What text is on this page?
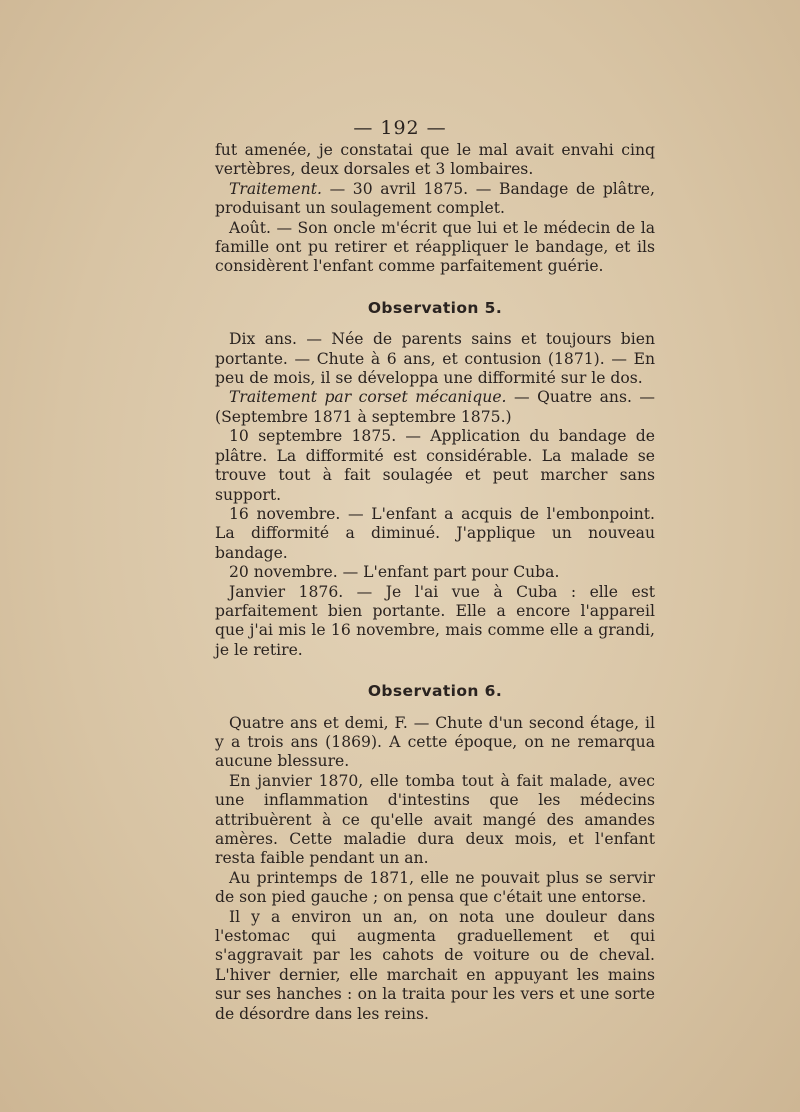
— 192 —

fut amenée, je constatai que le mal avait envahi cinq vertèbres, deux dorsales et 3 lombaires.

Traitement. — 30 avril 1875. — Bandage de plâtre, produisant un soulagement complet.

Août. — Son oncle m'écrit que lui et le médecin de la famille ont pu retirer et réappliquer le bandage, et ils considèrent l'enfant comme parfaitement guérie.

Observation 5.

Dix ans. — Née de parents sains et toujours bien portante. — Chute à 6 ans, et contusion (1871). — En peu de mois, il se développa une difformité sur le dos.

Traitement par corset mécanique. — Quatre ans. — (Septembre 1871 à septembre 1875.)

10 septembre 1875. — Application du bandage de plâtre. La difformité est considérable. La malade se trouve tout à fait soulagée et peut marcher sans support.

16 novembre. — L'enfant a acquis de l'embonpoint. La difformité a diminué. J'applique un nouveau bandage.

20 novembre. — L'enfant part pour Cuba.

Janvier 1876. — Je l'ai vue à Cuba : elle est parfaitement bien portante. Elle a encore l'appareil que j'ai mis le 16 novembre, mais comme elle a grandi, je le retire.

Observation 6.

Quatre ans et demi, F. — Chute d'un second étage, il y a trois ans (1869). A cette époque, on ne remarqua aucune blessure.

En janvier 1870, elle tomba tout à fait malade, avec une inflammation d'intestins que les médecins attribuèrent à ce qu'elle avait mangé des amandes amères. Cette maladie dura deux mois, et l'enfant resta faible pendant un an.

Au printemps de 1871, elle ne pouvait plus se servir de son pied gauche ; on pensa que c'était une entorse.

Il y a environ un an, on nota une douleur dans l'estomac qui augmenta graduellement et qui s'aggravait par les cahots de voiture ou de cheval. L'hiver dernier, elle marchait en appuyant les mains sur ses hanches : on la traita pour les vers et une sorte de désordre dans les reins.
